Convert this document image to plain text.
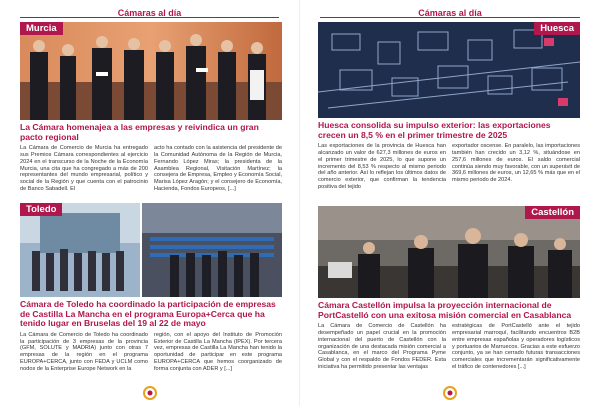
Cámaras al día
Murcia
La Cámara homenajea a las empresas y reivindica un gran pacto regional
La Cámara de Comercio de Murcia ha entregado sus Premios Cámara correspondientes al ejercicio 2024 en el transcurso de la Noche de la Economía Murcia, una cita que ha congregado a más de 200 representantes del mundo empresarial, político y social de la Región y que cuenta con el patrocinio de Banco Sabadell. El
acto ha contado con la asistencia del presidente de la Comunidad Autónoma de la Región de Murcia, Fernando López Miras; la presidenta de la Asamblea Regional, Visitación Martínez; la consejera de Empresa, Empleo y Economía Social, Marisa López Aragón; y el consejero de Economía, Hacienda, Fondos Europeos, [...]
Toledo
Cámara de Toledo ha coordinado la participación de empresas de Castilla La Mancha en el programa Europa+Cerca que ha tenido lugar en Bruselas del 19 al 22 de mayo
La Cámara de Comercio de Toledo ha coordinado la participación de 3 empresas de la provincia (GFM, SOLUTE y MADRIA) junto con otras 7 empresas de la región en el programa EUROPA+CERCA, junto con FEDA y UCLM como nodos de la Enterprise Europe Network en la
región, con el apoyo del Instituto de Promoción Exterior de Castilla La Mancha (IPEX). Por tercera vez, empresas de Castilla La Mancha han tenido la oportunidad de participar en este programa EUROPA+CERCA que hemos coorganizado de forma conjunta con ADER y [...]
Cámaras al día
Huesca
Huesca consolida su impulso exterior: las exportaciones crecen un 8,5 % en el primer trimestre de 2025
Las exportaciones de la provincia de Huesca han alcanzado un valor de 627,3 millones de euros en el primer trimestre de 2025, lo que supone un incremento del 8,53 % respecto al mismo periodo del año anterior. Así lo reflejan los últimos datos de comercio exterior, que confirman la tendencia positiva del tejido
exportador oscense. En paralelo, las importaciones también han crecido un 3,12 %, situándose en 257,6 millones de euros. El saldo comercial continúa siendo muy favorable, con un superávit de 369,6 millones de euros, un 12,65 % más que en el mismo periodo de 2024.
Castellón
Cámara Castellón impulsa la proyección internacional de PortCastelló con una exitosa misión comercial en Casablanca
La Cámara de Comercio de Castellón ha desempeñado un papel crucial en la promoción internacional del puerto de Castellón con la organización de una destacada misión comercial a Casablanca, en el marco del Programa Pyme Global y con el respaldo de Fondos FEDER. Esta iniciativa ha permitido presentar las ventajas
estratégicas de PortCastelló ante el tejido empresarial marroquí, facilitando encuentros B2B entre empresas españolas y operadores logísticos y portuarios de Marruecos. Gracias a este esfuerzo conjunto, ya se han cerrado futuras transacciones comerciales que incrementarán significativamente el tráfico de contenedores [...]
